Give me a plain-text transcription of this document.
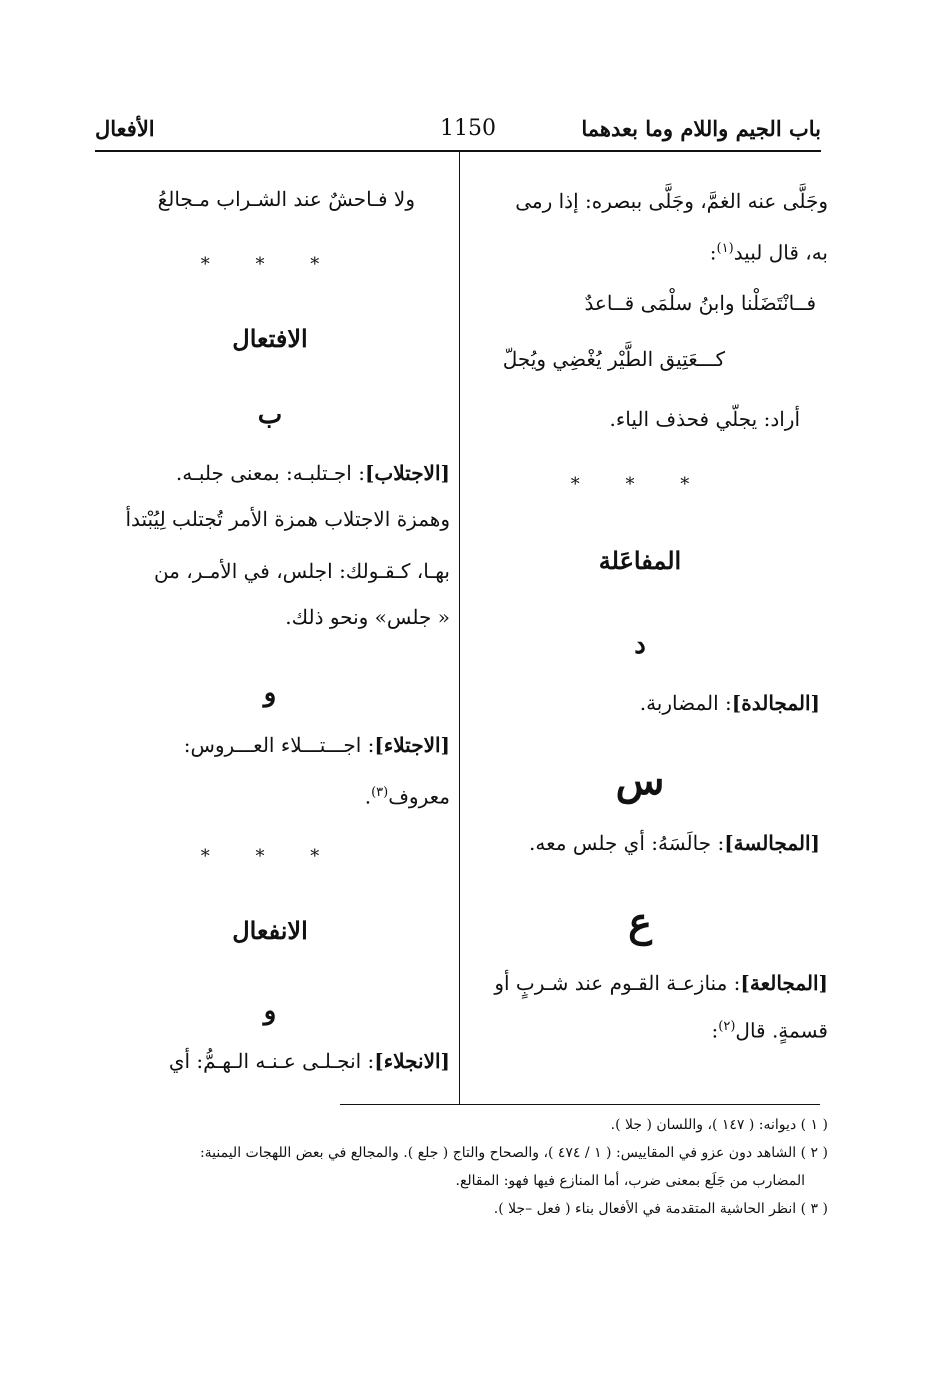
باب الجيم واللام وما بعدهما
1150
الأفعال
وجَلَّى عنه الغمَّ، وجَلَّى ببصره: إذا رمى
به، قال لبيد$^{(١)}$:
فــانْتَضَلْنا وابنُ سلْمَى قــاعدٌ
كـــعَتِيق الطَّيْر يُغْضِي ويُجلّ
أراد: يجلّي فحذف الياء.
* * *
المفاعَلة
د
[المجالدة]: المضاربة.
س
[المجالسة]: جالَسَهُ: أي جلس معه.
ع
[المجالعة]: منازعـة القـوم عند شـربٍ أو
قسمةٍ. قال$^{(٢)}$:
ولا فـاحشٌ عند الشـراب مـجالعُ
* * *
الافتعال
ب
[الاجتلاب]: اجـتلبـه: بمعنى جلبـه.
وهمزة الاجتلاب همزة الأمر تُجتلب لِيُبْتدأ
بهـا، كـقـولك: اجلس، في الأمـر، من
« جلس» ونحو ذلك.
و
[الاجتلاء]: اجـــتـــلاء العـــروس:
معروف$^{(٣)}$.
* * *
الانفعال
و
[الانجلاء]: انجـلـى عـنـه الـهـمُّ: أي
( ١ ) ديوانه: ( ١٤٧ )، واللسان ( جلا ).
( ٢ ) الشاهد دون عزو في المقاييس: ( ١ / ٤٧٤ )، والصحاح والتاج ( جلع ). والمجالع في بعض اللهجات اليمنية:
المضارب من جَلَع بمعنى ضرب، أما المنازع فيها فهو: المقالع.
( ٣ ) انظر الحاشية المتقدمة في الأفعال بناء ( فعل –جلا ).
